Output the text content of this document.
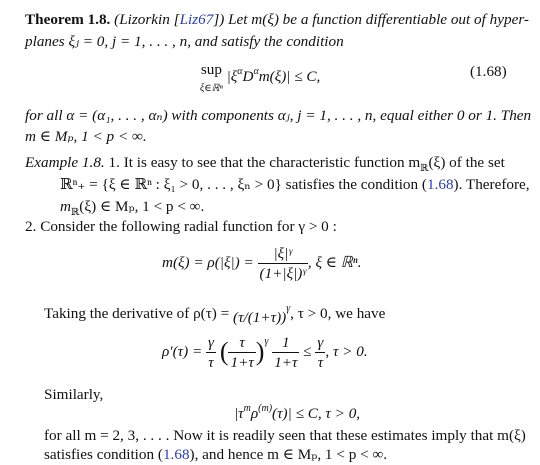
Theorem 1.8. (Lizorkin [Liz67]) Let m(ξ) be a function differentiable out of hyper-
planes ξⱼ = 0, j = 1, . . . , n, and satisfy the condition
sup
ξ∈ℝⁿ $|\xi^\alpha D^\alpha m(\xi)| \le C$,	(1.68)
for all α = (α₁, . . . , αₙ) with components αⱼ, j = 1, . . . , n, equal either 0 or 1. Then
m ∈ Mₚ, 1 < p < ∞.
Example 1.8. 1. It is easy to see that the characteristic function $m_ℝ(\xi)$ of the set
ℝⁿ₊ = {ξ ∈ ℝⁿ : ξ₁ > 0, . . . , ξₙ > 0} satisfies the condition (1.68). Therefore,
$m_ℝ(\xi)$ ∈ Mₚ, 1 < p < ∞.
2. Consider the following radial function for γ > 0 :
$m(\xi) = \rho(|\xi|) = \frac{\text{|ξ|ᵞ}}{\text{(1+|ξ|)ᵞ}}$ , ξ ∈ ℝⁿ.
Taking the derivative of $\rho(\tau) = (\tau/(1+\tau))^\gamma$, τ > 0, we have
$\rho'(\tau) = \frac{\gamma}{\tau}$ ( $\frac{\tau}{1+\tau} )^\gamma \frac{1}{1+\tau} \le \frac{\gamma}{\tau}$ , τ > 0.
Similarly,
$|\tau^m\rho^{(m)}(\tau)| \le C$, τ > 0,
for all m = 2, 3, . . . . Now it is readily seen that these estimates imply that m(ξ)
satisfies condition (1.68), and hence m ∈ Mₚ, 1 < p < ∞.
